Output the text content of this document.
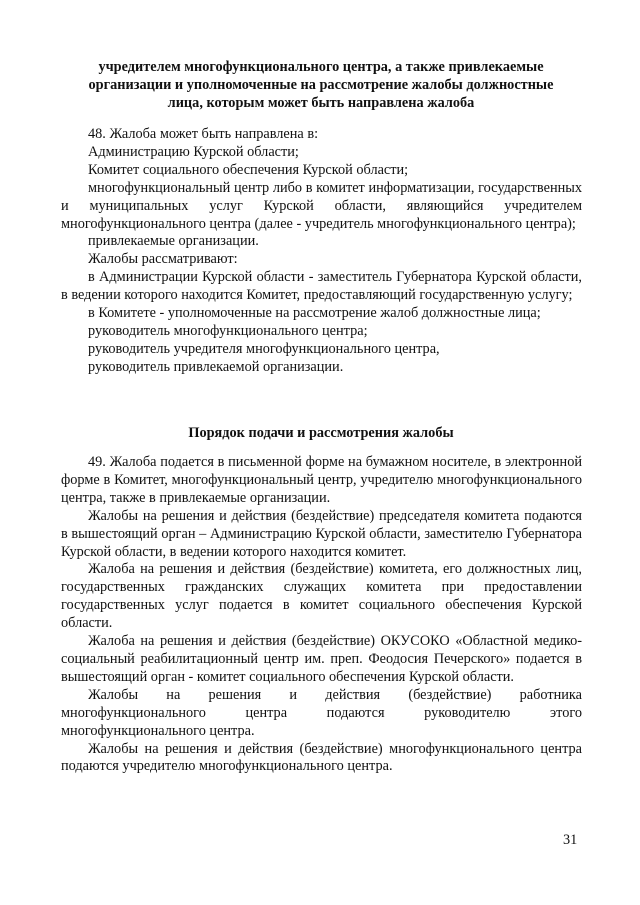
учредителем многофункционального центра, а также привлекаемые
организации и уполномоченные на рассмотрение жалобы должностные
лица, которым может быть направлена жалоба

48. Жалоба может быть направлена в:

Администрацию Курской области;

Комитет социального обеспечения Курской области;

многофункциональный центр либо в комитет информатизации, государственных и муниципальных услуг Курской области, являющийся учредителем многофункционального центра (далее - учредитель многофункционального центра);

привлекаемые организации.

Жалобы рассматривают:

в Администрации Курской области - заместитель Губернатора Курской области, в ведении которого находится Комитет, предоставляющий государственную услугу;

в Комитете - уполномоченные на рассмотрение жалоб должностные лица;

руководитель многофункционального центра;

руководитель учредителя многофункционального центра,

руководитель привлекаемой организации.

Порядок подачи и рассмотрения жалобы

49. Жалоба подается в письменной форме на бумажном носителе, в электронной форме в Комитет, многофункциональный центр, учредителю многофункционального центра, также в привлекаемые организации.

Жалобы на решения и действия (бездействие) председателя комитета подаются в вышестоящий орган – Администрацию Курской области, заместителю Губернатора Курской области, в ведении которого находится комитет.

Жалоба на решения и действия (бездействие) комитета, его должностных лиц, государственных гражданских служащих комитета при предоставлении государственных услуг подается в комитет социального обеспечения Курской области.

Жалоба на решения и действия (бездействие) ОКУСОКО «Областной медико-социальный реабилитационный центр им. преп. Феодосия Печерского» подается в вышестоящий орган - комитет социального обеспечения Курской области.

Жалобы на решения и действия (бездействие) работника многофункционального центра подаются руководителю этого многофункционального центра.

Жалобы на решения и действия (бездействие) многофункционального центра подаются учредителю многофункционального центра.

31
